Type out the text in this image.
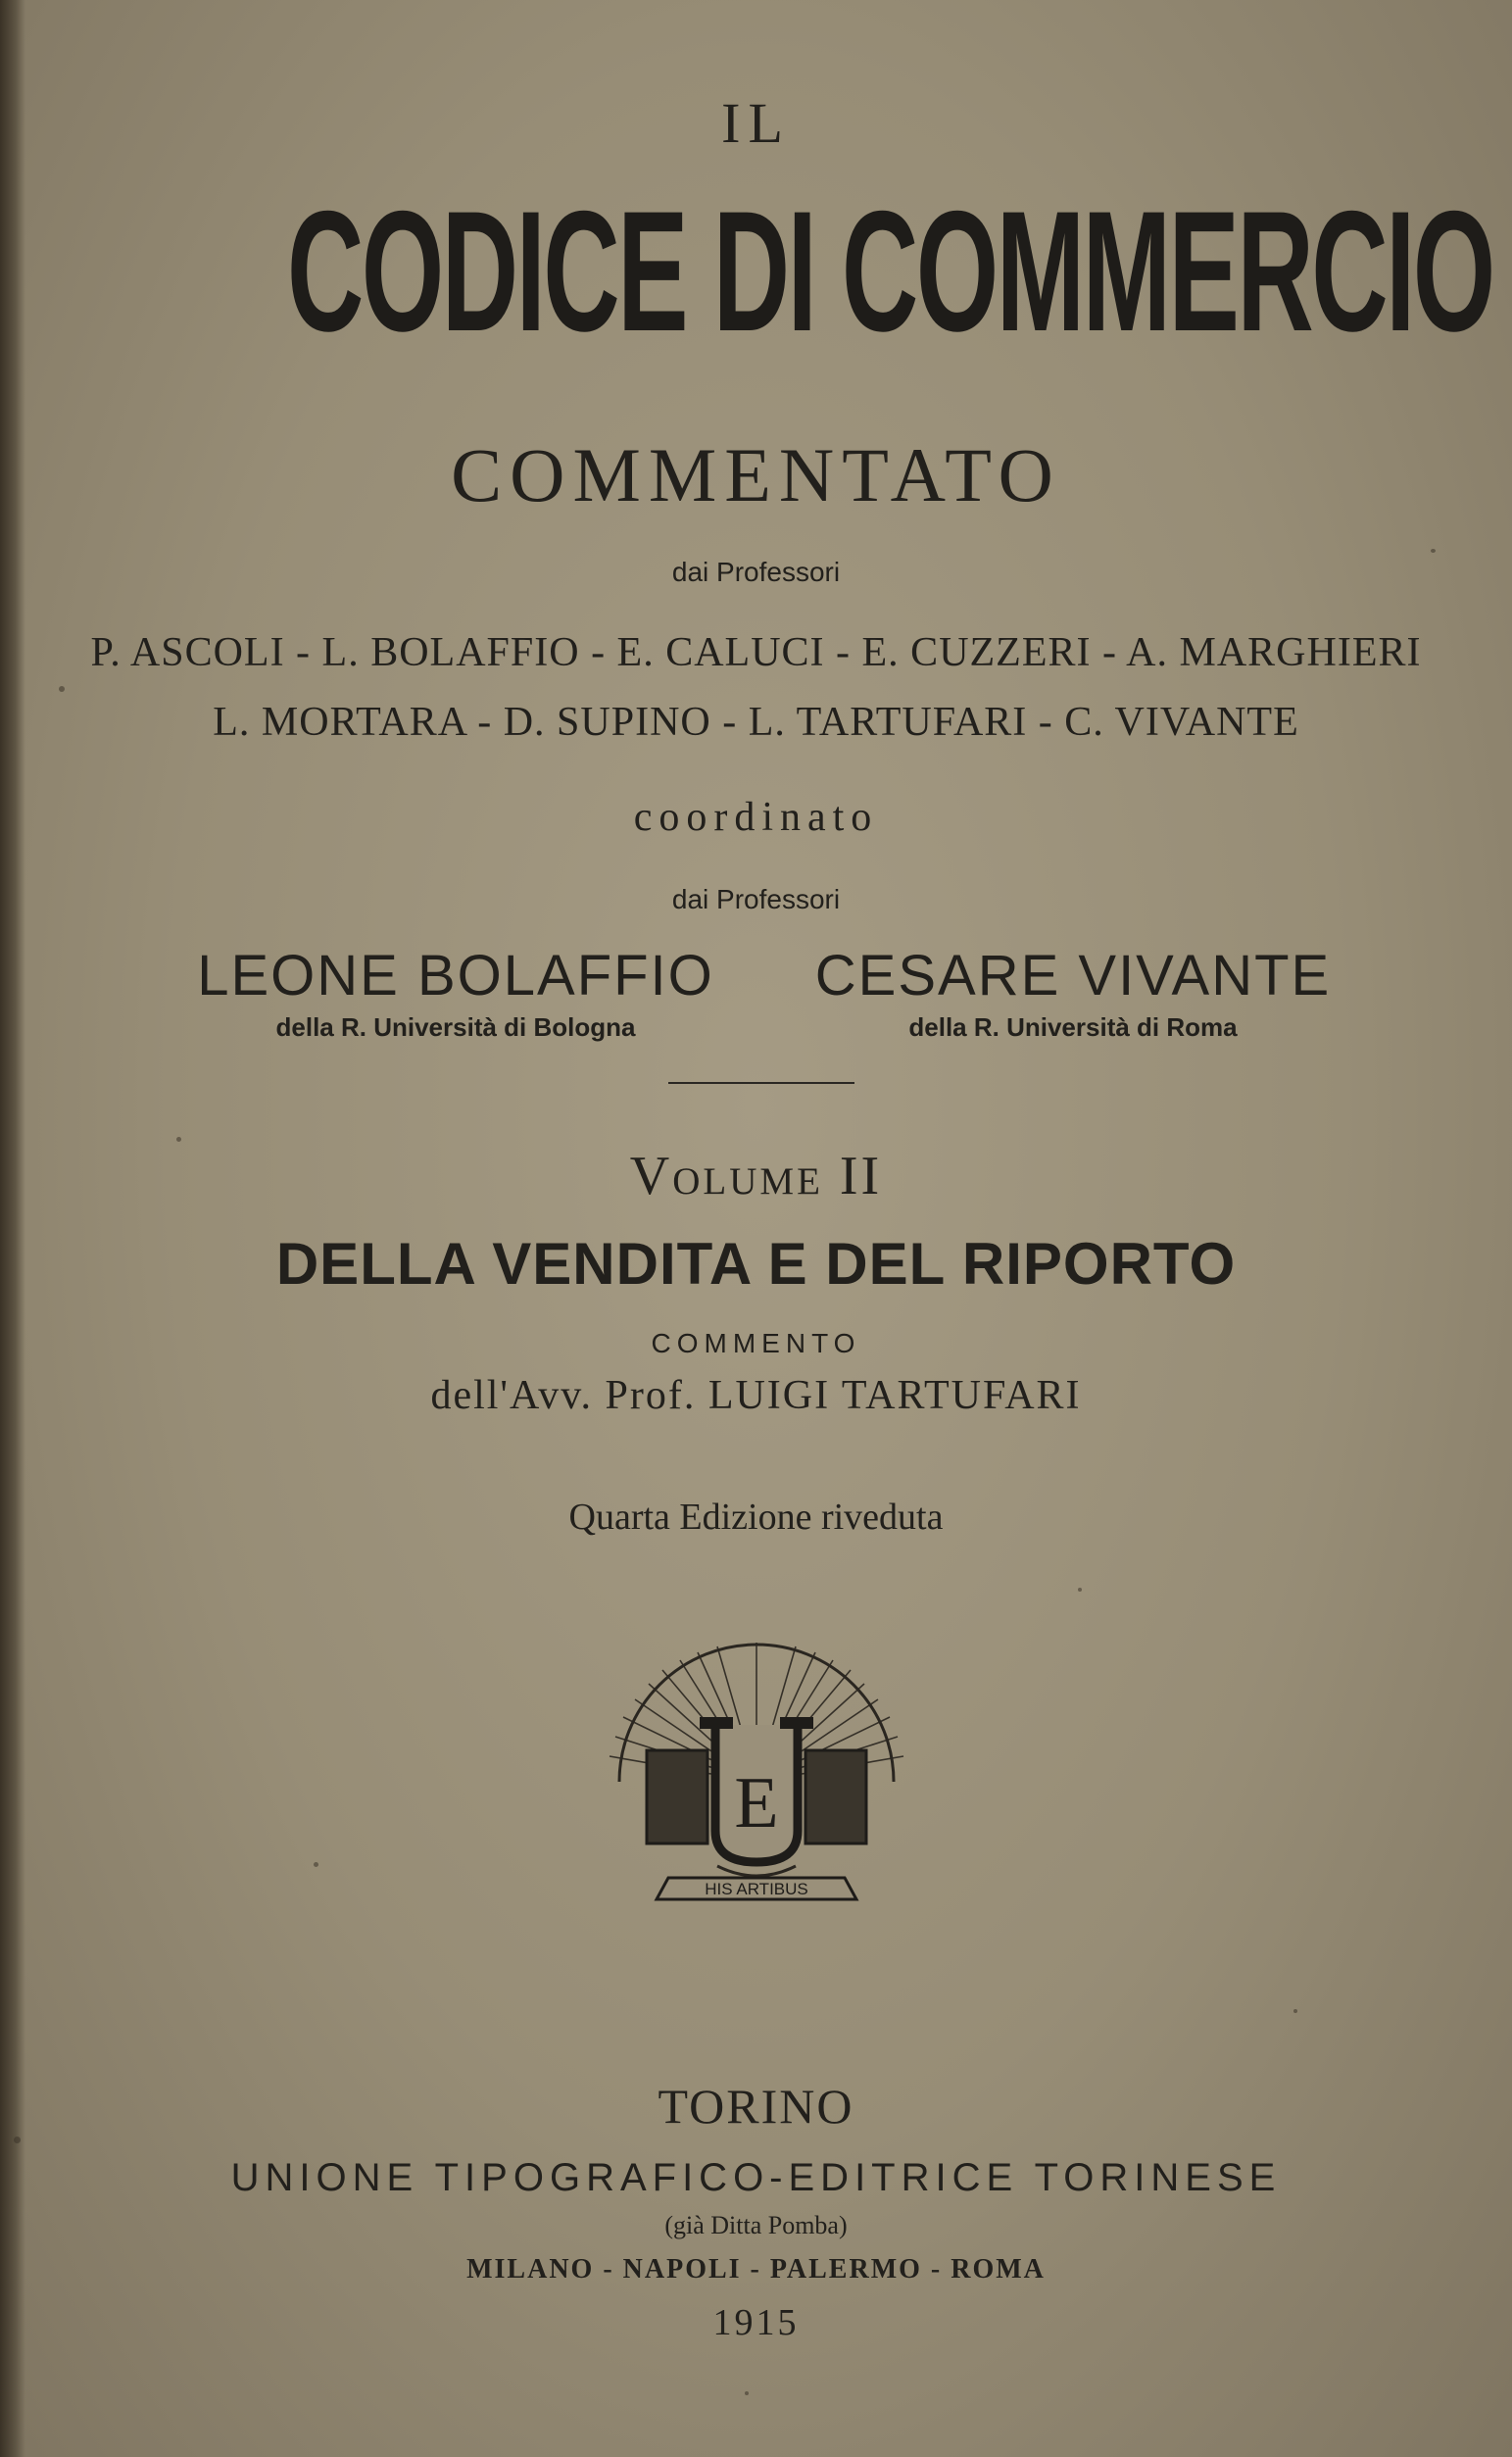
IL
CODICE DI COMMERCIO
COMMENTATO
dai Professori
P. ASCOLI - L. BOLAFFIO - E. CALUCI - E. CUZZERI - A. MARGHIERI
L. MORTARA - D. SUPINO - L. TARTUFARI - C. VIVANTE
coordinato
dai Professori
LEONE BOLAFFIO
della R. Università di Bologna
CESARE VIVANTE
della R. Università di Roma
Volume II
DELLA VENDITA E DEL RIPORTO
COMMENTO
dell'Avv. Prof. LUIGI TARTUFARI
Quarta Edizione riveduta
E
HIS ARTIBUS
TORINO
UNIONE TIPOGRAFICO-EDITRICE TORINESE
(già Ditta Pomba)
MILANO - NAPOLI - PALERMO - ROMA
1915
